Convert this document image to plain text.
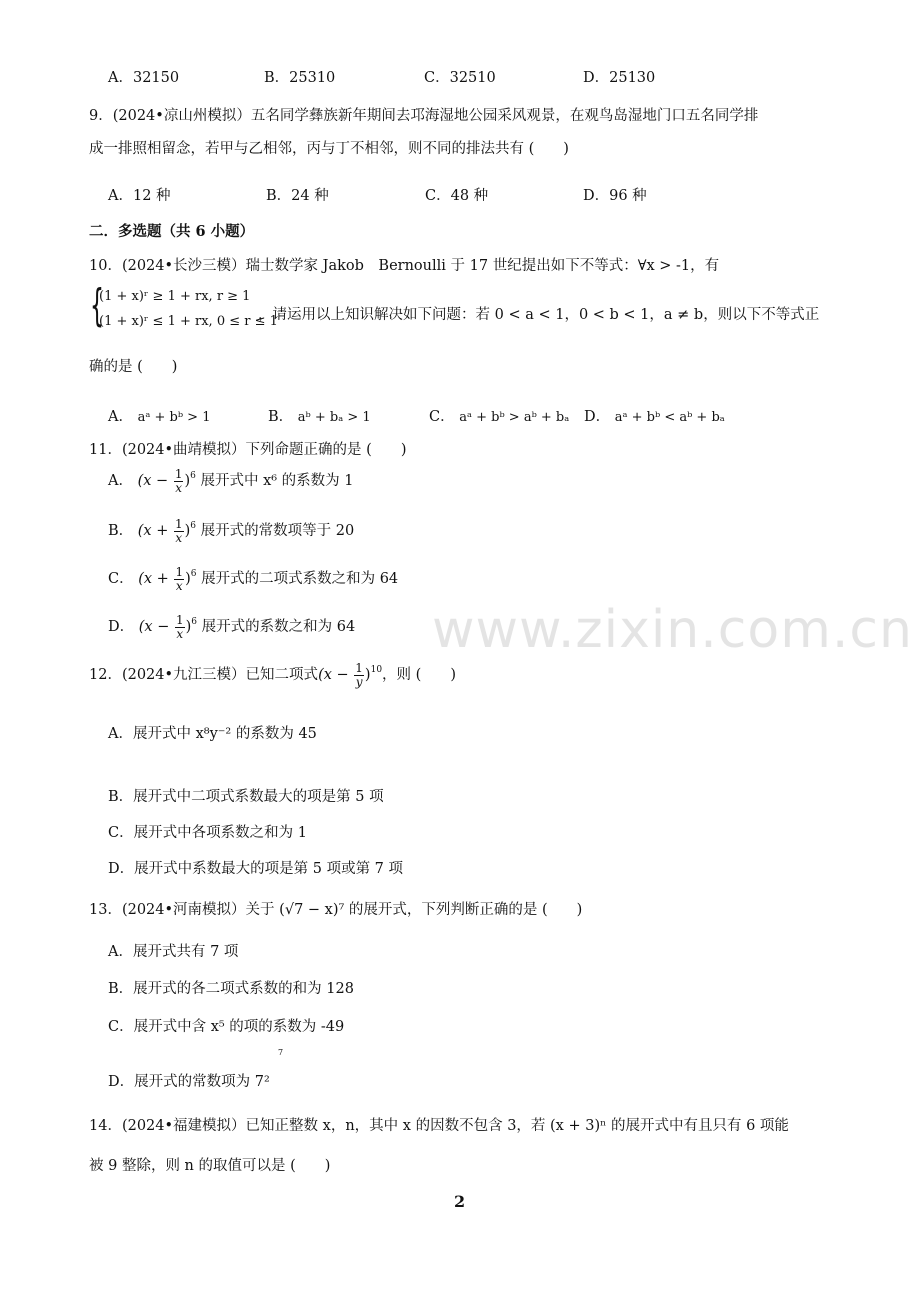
www.zixin.com.cn
A．32150	B．25310	C．32510	D．25130
9．(2024•凉山州模拟）五名同学彝族新年期间去邛海湿地公园采风观景，在观鸟岛湿地门口五名同学排
成一排照相留念，若甲与乙相邻，丙与丁不相邻，则不同的排法共有 (　　)
A．12 种	B．24 种	C．48 种	D．96 种
二．多选题（共 6 小题）
10．(2024•长沙三模）瑞士数学家 Jakob　Bernoulli 于 17 世纪提出如下不等式：∀x > -1，有
{
(1 + x)ʳ ≥ 1 + rx, r ≥ 1
(1 + x)ʳ ≤ 1 + rx, 0 ≤ r ≤ 1
，请运用以上知识解决如下问题：若 0 < a < 1，0 < b < 1，a ≠ b，则以下不等式正
确的是 (　　)
A． aᵃ + bᵇ > 1	B． aᵇ + bₐ > 1	C． aᵃ + bᵇ > aᵇ + bₐ D． aᵃ + bᵇ < aᵇ + bₐ
11．(2024•曲靖模拟）下列命题正确的是 (　　)
A． $(x - \frac{1}{x} )^6$ 展开式中 x⁶ 的系数为 1
B． $(x + \frac{1}{x} )^6$ 展开式的常数项等于 20
C． $(x + \frac{1}{x} )^6$ 展开式的二项式系数之和为 64
D． $(x - \frac{1}{x} )^6$ 展开式的系数之和为 64
12．(2024•九江三模）已知二项式$(x - \frac{1}{y} )^{10}$，则 (　　)
A．展开式中 x⁸y⁻² 的系数为 45
B．展开式中二项式系数最大的项是第 5 项
C．展开式中各项系数之和为 1
D．展开式中系数最大的项是第 5 项或第 7 项
13．(2024•河南模拟）关于 (√7 − x)⁷ 的展开式，下列判断正确的是 (　　)
A．展开式共有 7 项
B．展开式的各二项式系数的和为 128
C．展开式中含 x⁵ 的项的系数为 -49
7
D．展开式的常数项为 7²
14．(2024•福建模拟）已知正整数 x，n，其中 x 的因数不包含 3，若 (x + 3)ⁿ 的展开式中有且只有 6 项能
被 9 整除，则 n 的取值可以是 (　　)
2
